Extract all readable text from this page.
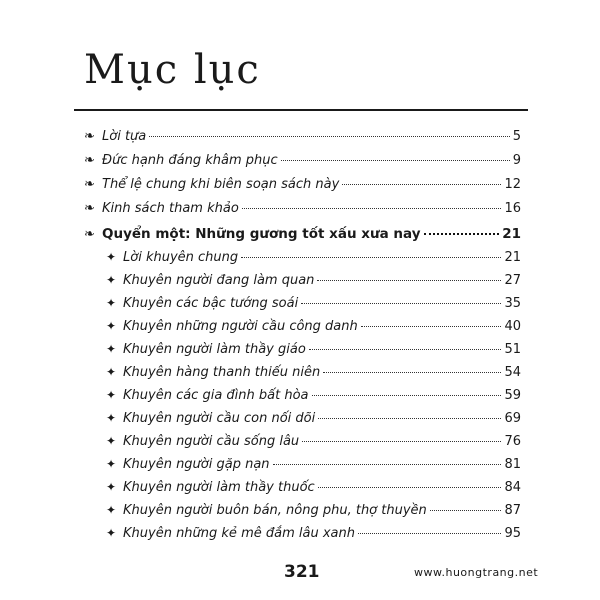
Mục lục
❧ Lời tựa	5
❧ Đức hạnh đáng khâm phục	9
❧ Thể lệ chung khi biên soạn sách này	12
❧ Kinh sách tham khảo	16
❧ Quyển một: Những gương tốt xấu xưa nay	21
✦ Lời khuyên chung	21
✦ Khuyên người đang làm quan	27
✦ Khuyên các bậc tướng soái	35
✦ Khuyên những người cầu công danh	40
✦ Khuyên người làm thầy giáo	51
✦ Khuyên hàng thanh thiếu niên	54
✦ Khuyên các gia đình bất hòa	59
✦ Khuyên người cầu con nối dõi	69
✦ Khuyên người cầu sống lâu	76
✦ Khuyên người gặp nạn	81
✦ Khuyên người làm thầy thuốc	84
✦ Khuyên người buôn bán, nông phu, thợ thuyền	87
✦ Khuyên những kẻ mê đắm lâu xanh	95
321	www.huongtrang.net
